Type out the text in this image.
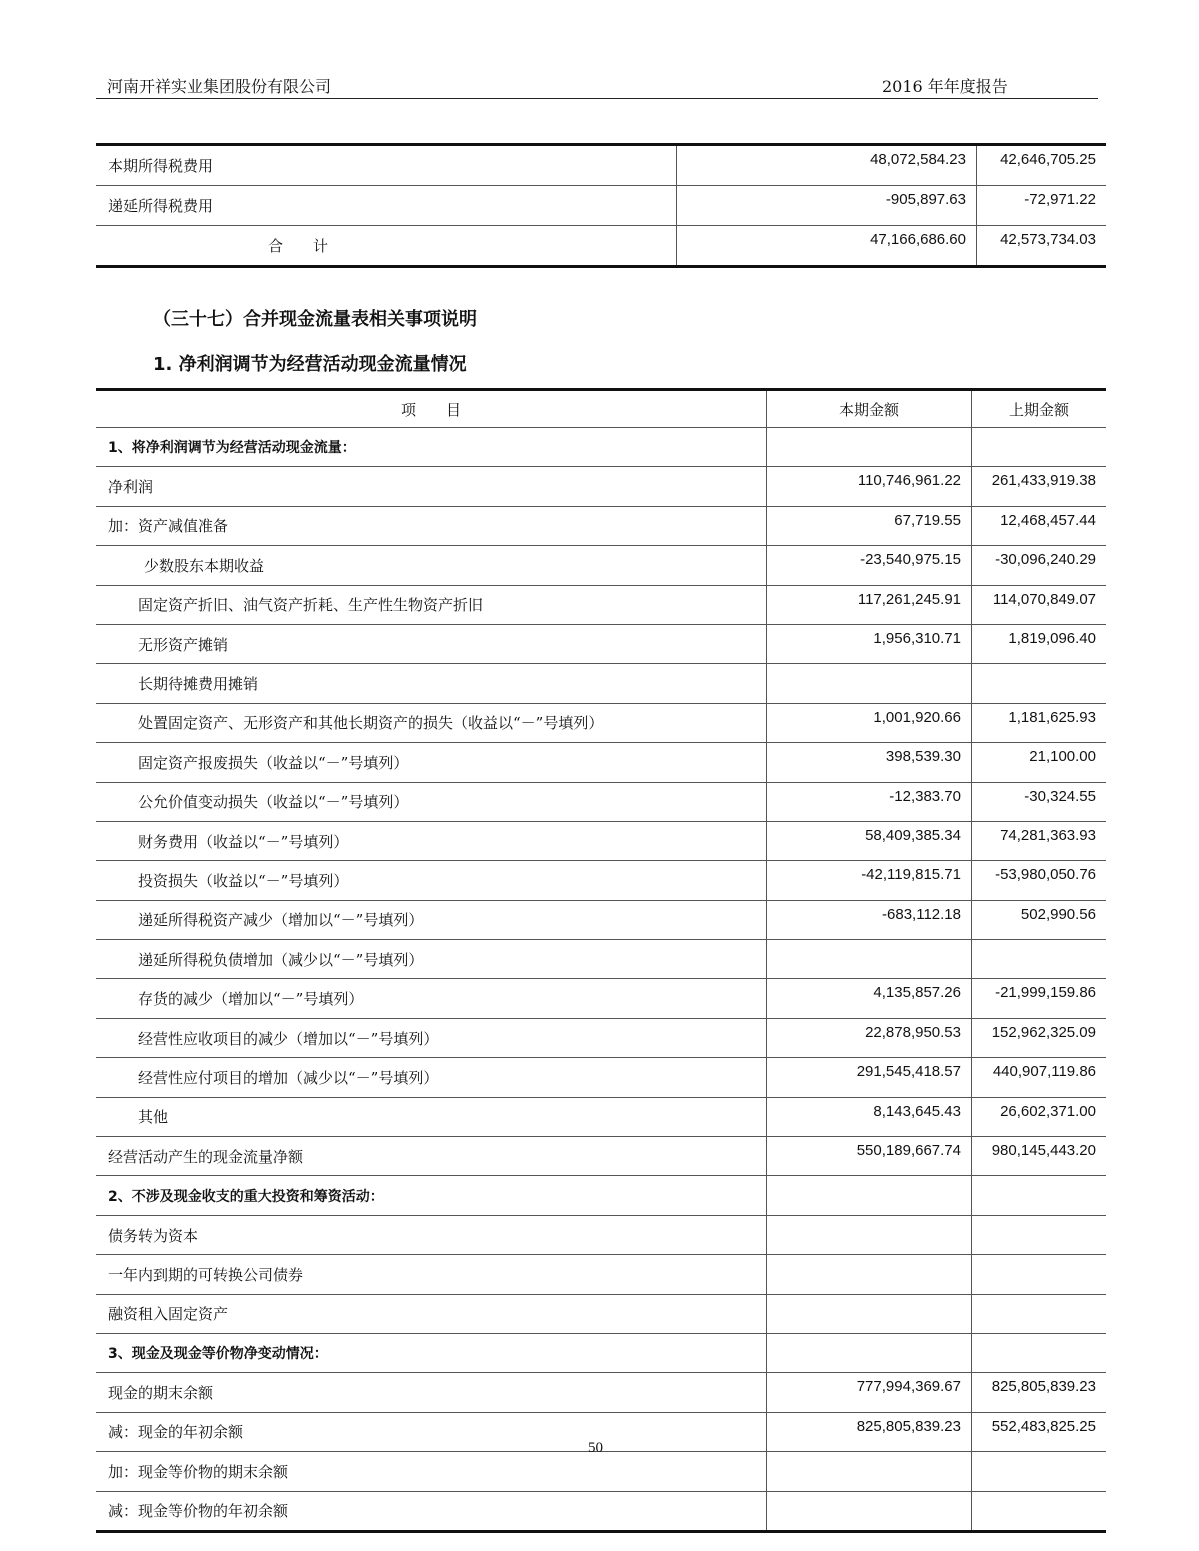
河南开祥实业集团股份有限公司	2016 年年度报告
本期所得税费用	48,072,584.23	42,646,705.25
递延所得税费用	-905,897.63	-72,971.22
合　　计	47,166,686.60	42,573,734.03
（三十七）合并现金流量表相关事项说明
1. 净利润调节为经营活动现金流量情况
项　　目	本期金额	上期金额
1、将净利润调节为经营活动现金流量：		
净利润	110,746,961.22	261,433,919.38
加：资产减值准备	67,719.55	12,468,457.44
少数股东本期收益	-23,540,975.15	-30,096,240.29
固定资产折旧、油气资产折耗、生产性生物资产折旧	117,261,245.91	114,070,849.07
无形资产摊销	1,956,310.71	1,819,096.40
长期待摊费用摊销		
处置固定资产、无形资产和其他长期资产的损失（收益以“－”号填列）	1,001,920.66	1,181,625.93
固定资产报废损失（收益以“－”号填列）	398,539.30	21,100.00
公允价值变动损失（收益以“－”号填列）	-12,383.70	-30,324.55
财务费用（收益以“－”号填列）	58,409,385.34	74,281,363.93
投资损失（收益以“－”号填列）	-42,119,815.71	-53,980,050.76
递延所得税资产减少（增加以“－”号填列）	-683,112.18	502,990.56
递延所得税负债增加（减少以“－”号填列）		
存货的减少（增加以“－”号填列）	4,135,857.26	-21,999,159.86
经营性应收项目的减少（增加以“－”号填列）	22,878,950.53	152,962,325.09
经营性应付项目的增加（减少以“－”号填列）	291,545,418.57	440,907,119.86
其他	8,143,645.43	26,602,371.00
经营活动产生的现金流量净额	550,189,667.74	980,145,443.20
2、不涉及现金收支的重大投资和筹资活动：		
债务转为资本		
一年内到期的可转换公司债券		
融资租入固定资产		
3、现金及现金等价物净变动情况：		
现金的期末余额	777,994,369.67	825,805,839.23
减：现金的年初余额	825,805,839.23	552,483,825.25
加：现金等价物的期末余额		
减：现金等价物的年初余额		
50
